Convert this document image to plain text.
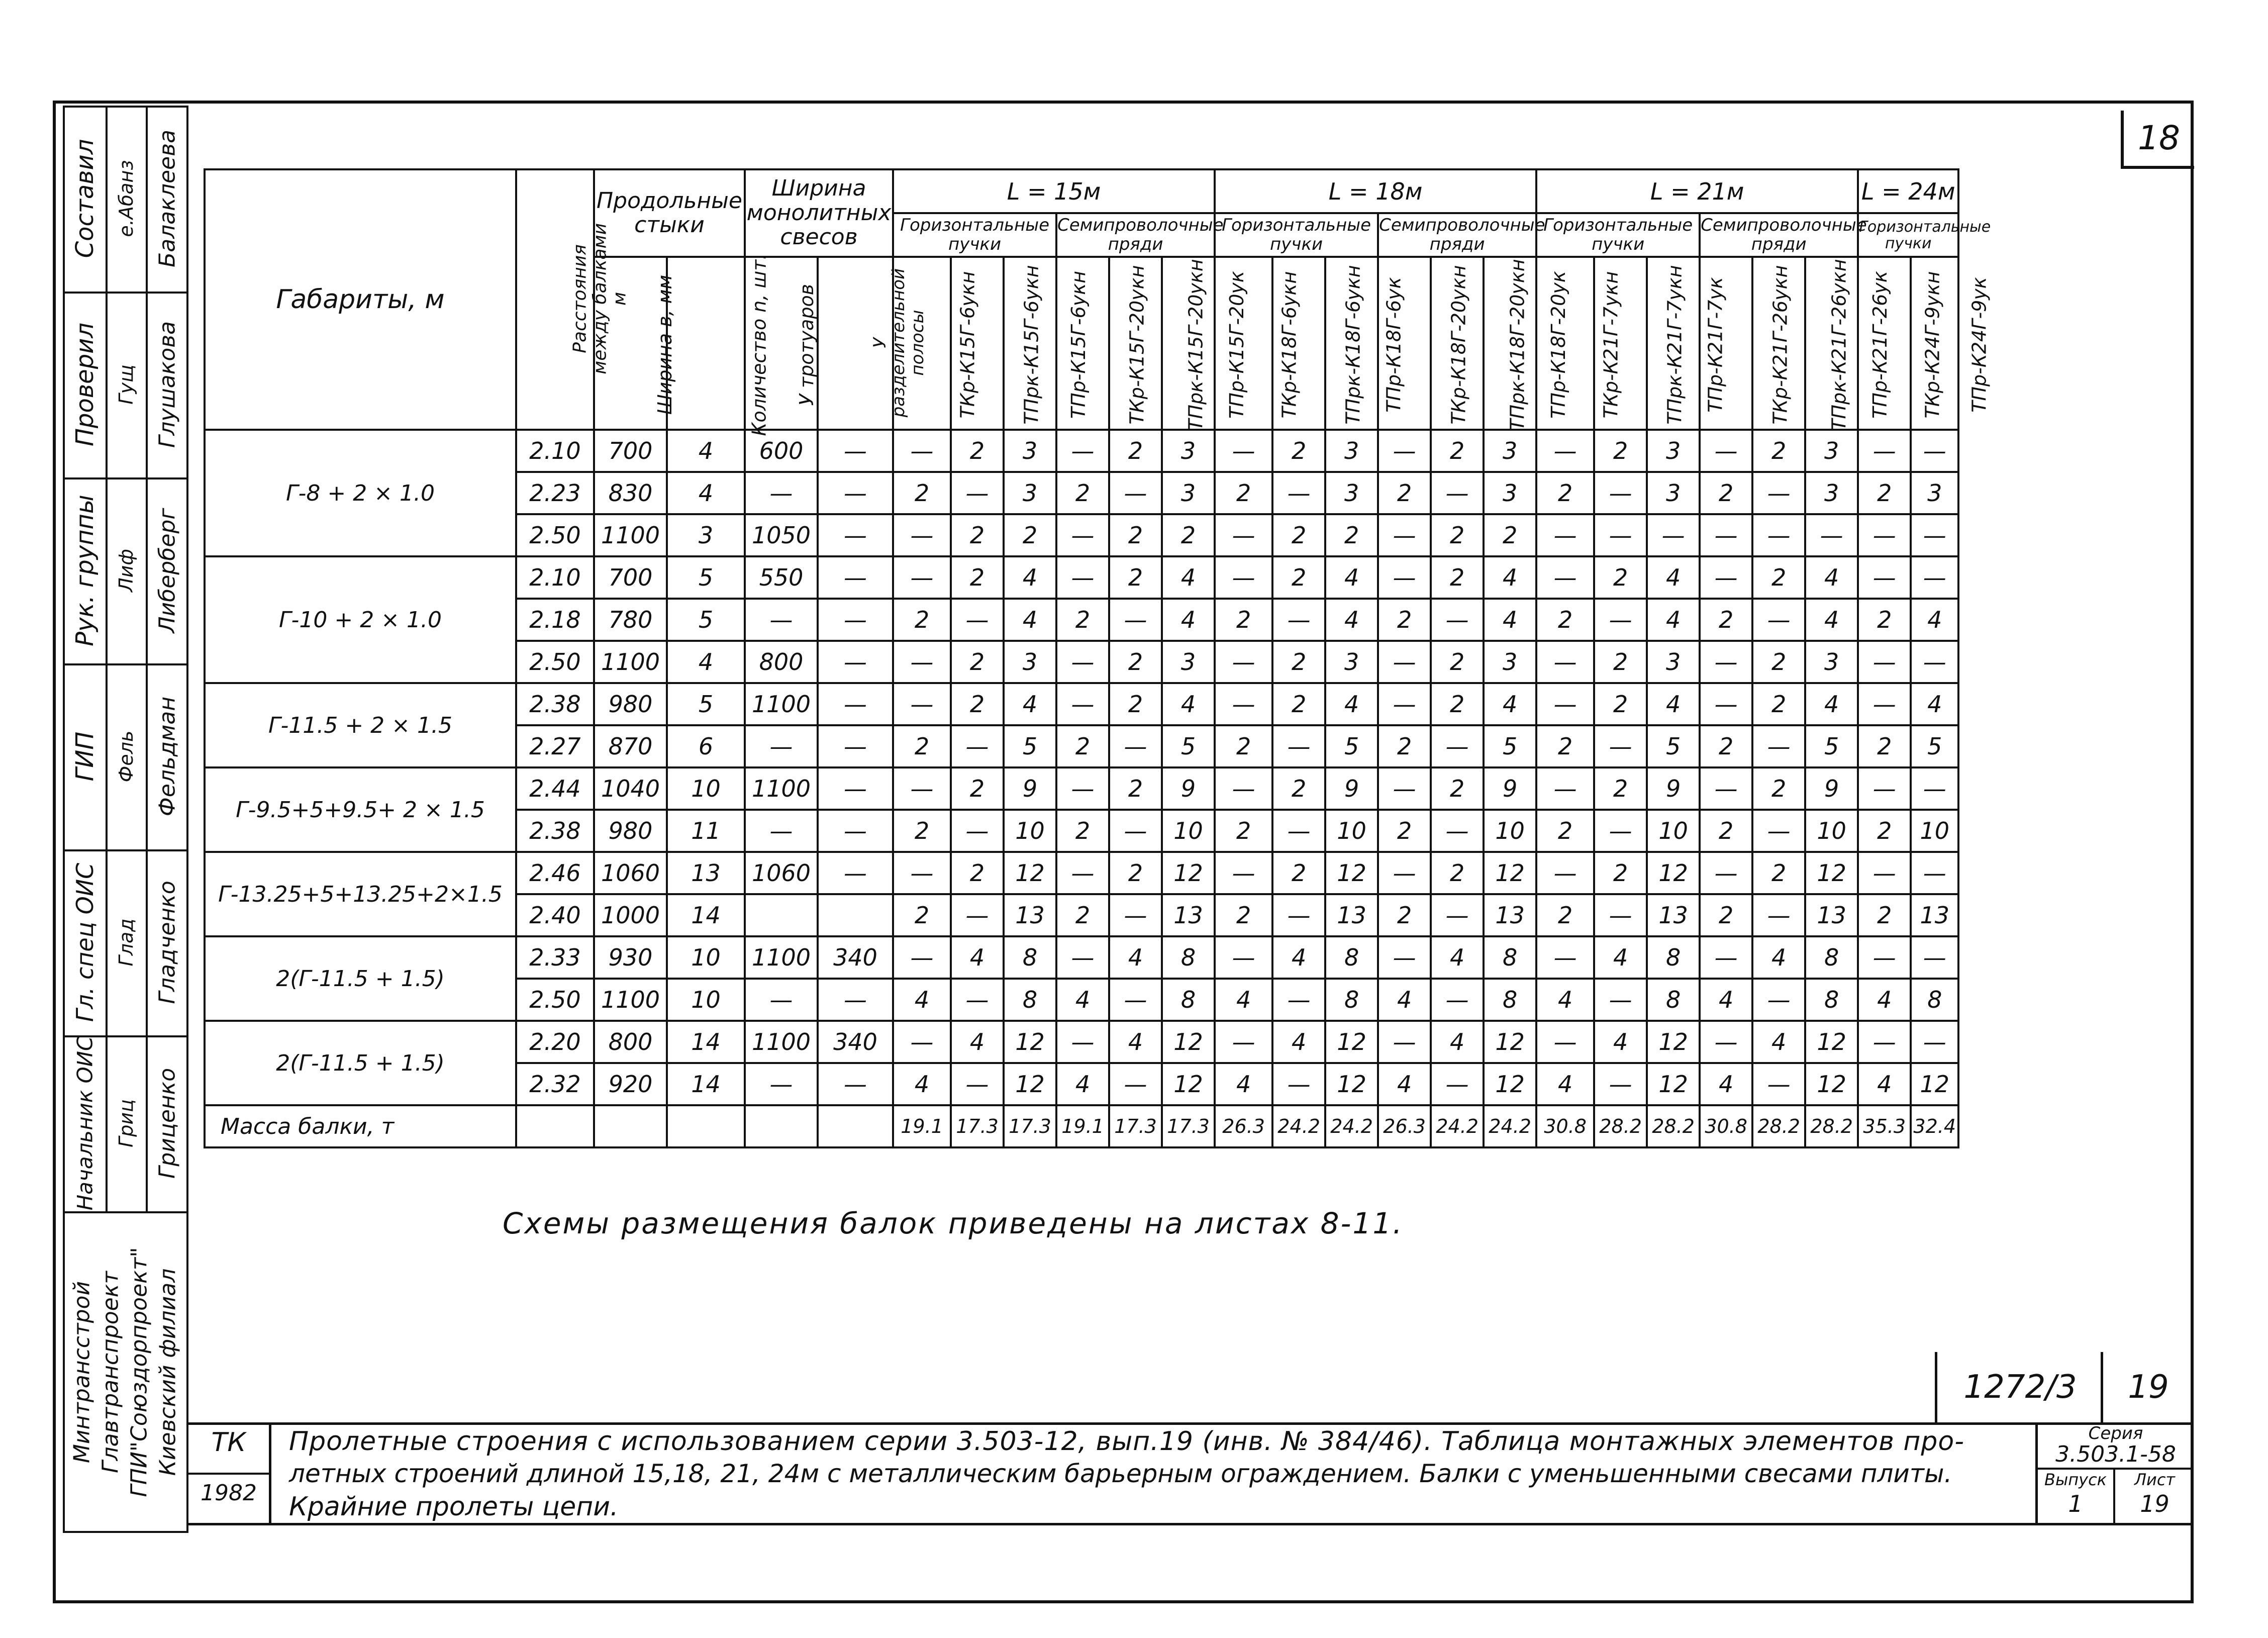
18
Составил е.Абанз Балаклеева
Проверил Гущ Глушакова
Рук. группы Лиф Либерберг
ГИП Фель Фельдман
Гл. спец ОИС Глад Гладченко
Начальник ОИС Гриц Гриценко
Минтрансстрой Главтранспроект ГПИ"Союздорпроект" Киевский филиал
Габариты, м	Расстояния между балками м	Продольные стыки		Ширина монолитных свесов		L = 15м						L = 18м						L = 21м						L = 24м	
						Горизонтальные пучки			Семипроволочные пряди			Горизонтальные пучки			Семипроволочные пряди			Горизонтальные пучки			Семипроволочные пряди			Горизонтальные пучки	
		Ширина в, мм	Количество n, шт.	У тротуаров	У разделительной полосы	ТКр-К15Г-6укн	ТПрк-К15Г-6укн	ТПр-К15Г-6укн	ТКр-К15Г-20укн	ТПрк-К15Г-20укн	ТПр-К15Г-20ук	ТКр-К18Г-6укн	ТПрк-К18Г-6укн	ТПр-К18Г-6ук	ТКр-К18Г-20укн	ТПрк-К18Г-20укн	ТПр-К18Г-20ук	ТКр-К21Г-7укн	ТПрк-К21Г-7укн	ТПр-К21Г-7ук	ТКр-К21Г-26укн	ТПрк-К21Г-26укн	ТПр-К21Г-26ук	ТКр-К24Г-9укн	ТПр-К24Г-9ук
Г-8 + 2 × 1.0	2.10	700	4	600	—	—	2	3	—	2	3	—	2	3	—	2	3	—	2	3	—	2	3	—	—
	2.23	830	4	—	—	2	—	3	2	—	3	2	—	3	2	—	3	2	—	3	2	—	3	2	3
	2.50	1100	3	1050	—	—	2	2	—	2	2	—	2	2	—	2	2	—	—	—	—	—	—	—	—
Г-10 + 2 × 1.0	2.10	700	5	550	—	—	2	4	—	2	4	—	2	4	—	2	4	—	2	4	—	2	4	—	—
	2.18	780	5	—	—	2	—	4	2	—	4	2	—	4	2	—	4	2	—	4	2	—	4	2	4
	2.50	1100	4	800	—	—	2	3	—	2	3	—	2	3	—	2	3	—	2	3	—	2	3	—	—
Г-11.5 + 2 × 1.5	2.38	980	5	1100	—	—	2	4	—	2	4	—	2	4	—	2	4	—	2	4	—	2	4	—	4
	2.27	870	6	—	—	2	—	5	2	—	5	2	—	5	2	—	5	2	—	5	2	—	5	2	5
Г-9.5+5+9.5+ 2 × 1.5	2.44	1040	10	1100	—	—	2	9	—	2	9	—	2	9	—	2	9	—	2	9	—	2	9	—	—
	2.38	980	11	—	—	2	—	10	2	—	10	2	—	10	2	—	10	2	—	10	2	—	10	2	10
Г-13.25+5+13.25+2×1.5	2.46	1060	13	1060	—	—	2	12	—	2	12	—	2	12	—	2	12	—	2	12	—	2	12	—	—
	2.40	1000	14			2	—	13	2	—	13	2	—	13	2	—	13	2	—	13	2	—	13	2	13
2(Г-11.5 + 1.5)	2.33	930	10	1100	340	—	4	8	—	4	8	—	4	8	—	4	8	—	4	8	—	4	8	—	—
	2.50	1100	10	—	—	4	—	8	4	—	8	4	—	8	4	—	8	4	—	8	4	—	8	4	8
2(Г-11.5 + 1.5)	2.20	800	14	1100	340	—	4	12	—	4	12	—	4	12	—	4	12	—	4	12	—	4	12	—	—
	2.32	920	14	—	—	4	—	12	4	—	12	4	—	12	4	—	12	4	—	12	4	—	12	4	12
Масса балки, т						19.1	17.3	17.3	19.1	17.3	17.3	26.3	24.2	24.2	26.3	24.2	24.2	30.8	28.2	28.2	30.8	28.2	28.2	35.3	32.4
Схемы размещения балок приведены на листах 8-11.
1272/3	19
ТК
1982
Пролетные строения с использованием серии 3.503-12, вып.19 (инв. № 384/46). Таблица монтажных элементов про-
летных строений длиной 15,18, 21, 24м с металлическим барьерным ограждением. Балки с уменьшенными свесами плиты.
Крайние пролеты цепи.
Серия
3.503.1-58
Выпуск
1
Лист
19
